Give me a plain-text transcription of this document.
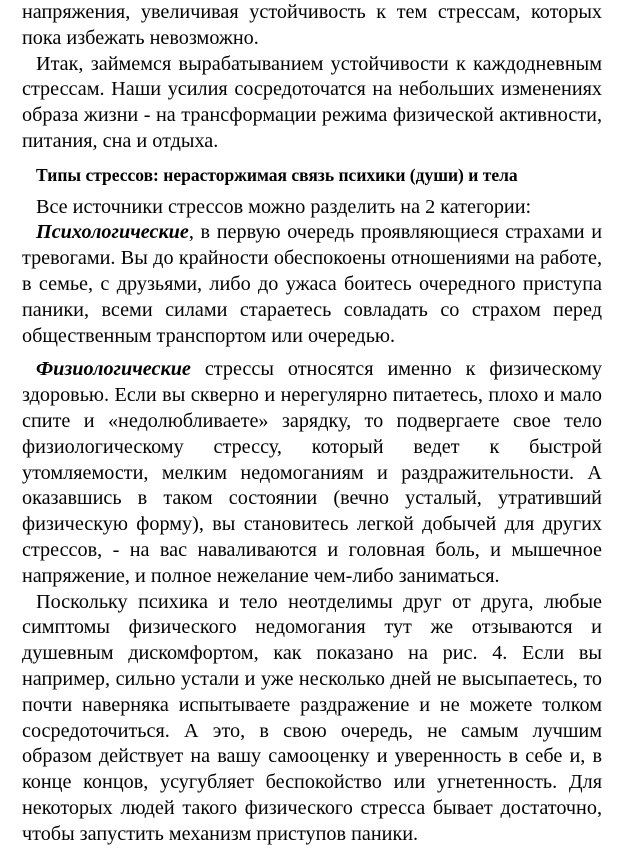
напряжения, увеличивая устойчивость к тем стрессам, которых пока избежать невозможно.

Итак, займемся вырабатыванием устойчивости к каждодневным стрессам. Наши усилия сосредоточатся на небольших изменениях образа жизни - на трансформации режима физической активности, питания, сна и отдыха.

Типы стрессов: нерасторжимая связь психики (души) и тела

Все источники стрессов можно разделить на 2 категории:

Психологические, в первую очередь проявляющиеся страхами и тревогами. Вы до крайности обеспокоены отношениями на работе, в семье, с друзьями, либо до ужаса боитесь очередного приступа паники, всеми силами стараетесь совладать со страхом перед общественным транспортом или очередью.

Физиологические стрессы относятся именно к физическому здоровью. Если вы скверно и нерегулярно питаетесь, плохо и мало спите и «недолюбливаете» зарядку, то подвергаете свое тело физиологическому стрессу, который ведет к быстрой утомляемости, мелким недомоганиям и раздражительности. А оказавшись в таком состоянии (вечно усталый, утративший физическую форму), вы становитесь легкой добычей для других стрессов, - на вас наваливаются и головная боль, и мышечное напряжение, и полное нежелание чем-либо заниматься.

Поскольку психика и тело неотделимы друг от друга, любые симптомы физического недомогания тут же отзываются и душевным дискомфортом, как показано на рис. 4. Если вы например, сильно устали и уже несколько дней не высыпаетесь, то почти наверняка испытываете раздражение и не можете толком сосредоточиться. А это, в свою очередь, не самым лучшим образом действует на вашу самооценку и уверенность в себе и, в конце концов, усугубляет беспокойство или угнетенность. Для некоторых людей такого физического стресса бывает достаточно, чтобы запустить механизм приступов паники.
